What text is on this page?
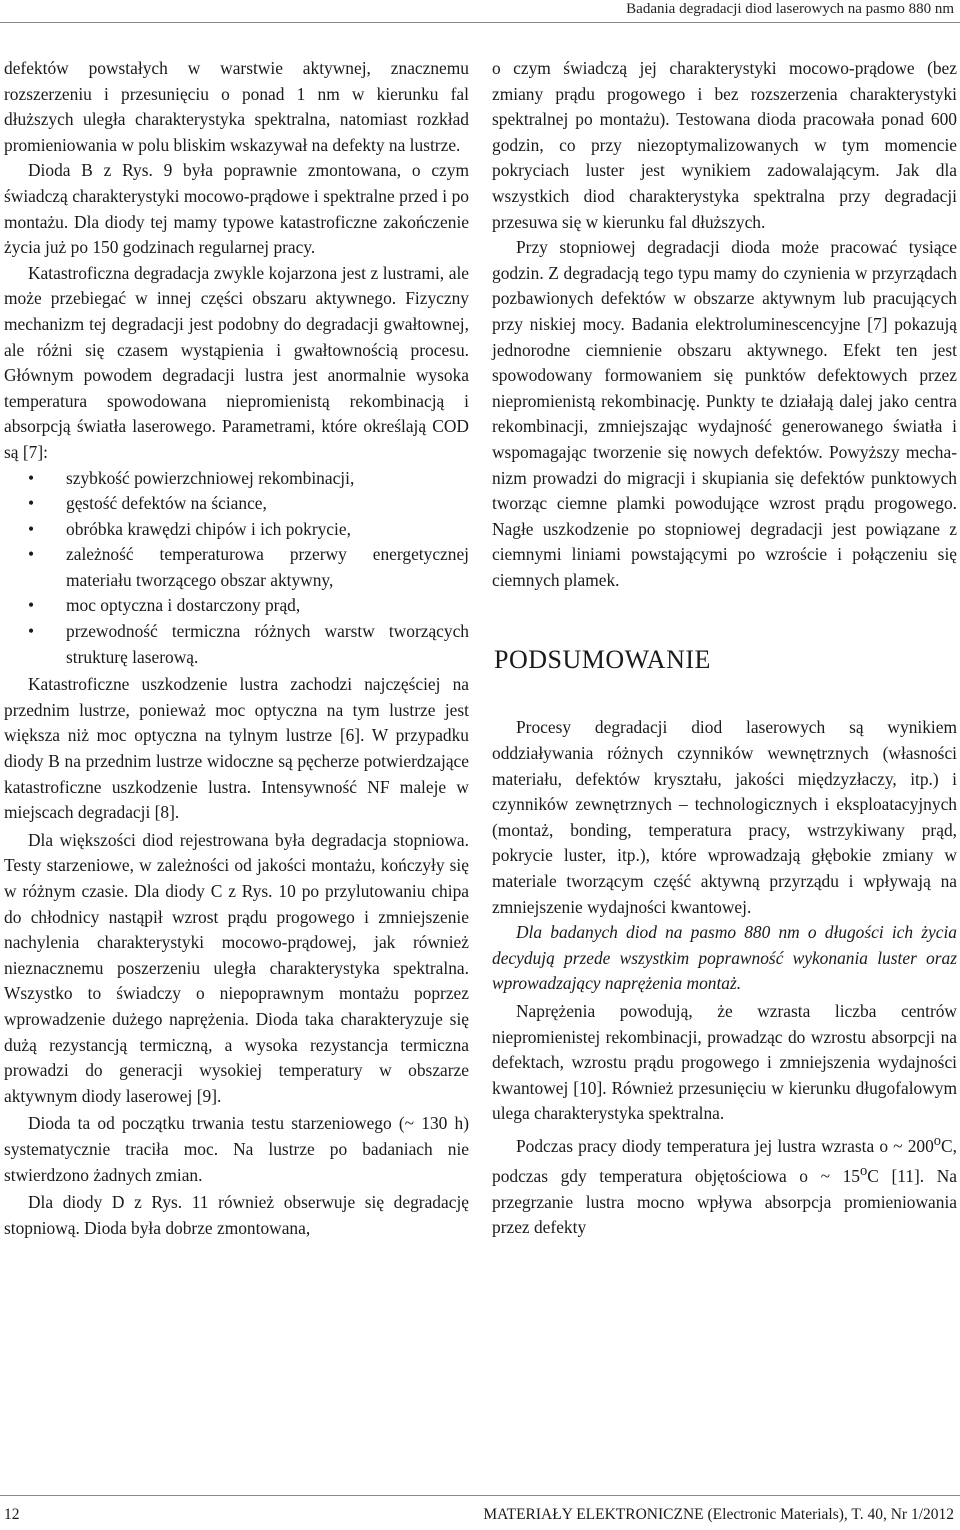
Badania degradacji diod laserowych na pasmo 880 nm

defektów powstałych w warstwie aktywnej, znacznemu rozszerzeniu i przesunięciu o ponad 1 nm w kierunku fal dłuższych uległa charakterystyka spektralna, natomiast rozkład promieniowania w polu bliskim wskazywał na defekty na lustrze.

Dioda B z Rys. 9 była poprawnie zmontowana, o czym świadczą charakterystyki mocowo-prądowe i spektralne przed i po montażu. Dla diody tej mamy typowe katastroficzne zakończenie życia już po 150 godzinach regularnej pracy.

Katastroficzna degradacja zwykle kojarzona jest z lustrami, ale może przebiegać w innej części obszaru aktywnego. Fizyczny mechanizm tej degradacji jest podobny do degradacji gwałtownej, ale różni się czasem wystąpienia i gwałtownością procesu. Głównym powodem degradacji lustra jest anormalnie wysoka temperatura spowodowana niepromienistą rekombinacją i absorpcją światła laserowego. Parametrami, które określają COD są [7]:

• szybkość powierzchniowej rekombinacji,
• gęstość defektów na ściance,
• obróbka krawędzi chipów i ich pokrycie,
• zależność temperaturowa przerwy energetycznej materiału tworzącego obszar aktywny,
• moc optyczna i dostarczony prąd,
• przewodność termiczna różnych warstw tworzących strukturę laserową.

Katastroficzne uszkodzenie lustra zachodzi najczęściej na przednim lustrze, ponieważ moc optyczna na tym lustrze jest większa niż moc optyczna na tylnym lustrze [6]. W przypadku diody B na przednim lustrze widoczne są pęcherze potwierdzające katastroficzne uszkodzenie lustra. Intensywność NF maleje w miejscach degradacji [8].

Dla większości diod rejestrowana była degradacja stopniowa. Testy starzeniowe, w zależności od jakości montażu, kończyły się w różnym czasie. Dla diody C z Rys. 10 po przylutowaniu chipa do chłodnicy nastąpił wzrost prądu progowego i zmniejszenie nachylenia charakterystyki mocowo-prądowej, jak również nieznacznemu poszerzeniu uległa charakterystyka spektralna. Wszystko to świadczy o niepoprawnym montażu poprzez wprowadzenie dużego naprężenia. Dioda taka charakteryzuje się dużą rezystancją termiczną, a wysoka rezystancja termiczna prowadzi do generacji wysokiej temperatury w obszarze aktywnym diody laserowej [9].

Dioda ta od początku trwania testu starzeniowego (~ 130 h) systematycznie traciła moc. Na lustrze po badaniach nie stwierdzono żadnych zmian.

Dla diody D z Rys. 11 również obserwuje się degradację stopniową. Dioda była dobrze zmontowana,

o czym świadczą jej charakterystyki mocowo-prądowe (bez zmiany prądu progowego i bez rozszerzenia charakterystyki spektralnej po montażu). Testowana dioda pracowała ponad 600 godzin, co przy niezoptymalizowanych w tym momencie pokryciach luster jest wynikiem zadowalającym. Jak dla wszystkich diod charakterystyka spektralna przy degradacji przesuwa się w kierunku fal dłuższych.

Przy stopniowej degradacji dioda może pracować tysiące godzin. Z degradacją tego typu mamy do czynienia w przyrządach pozbawionych defektów w obszarze aktywnym lub pracujących przy niskiej mocy. Badania elektroluminescencyjne [7] pokazują jednorodne ciemnienie obszaru aktywnego. Efekt ten jest spowodowany formowaniem się punktów defektowych przez niepromienistą rekombinację. Punkty te działają dalej jako centra rekombinacji, zmniejszając wydajność generowanego światła i wspomagając tworzenie się nowych defektów. Powyższy mechanizm prowadzi do migracji i skupiania się defektów punktowych tworząc ciemne plamki powodujące wzrost prądu progowego. Nagłe uszkodzenie po stopniowej degradacji jest powiązane z ciemnymi liniami powstającymi po wzroście i połączeniu się ciemnych plamek.

PODSUMOWANIE

Procesy degradacji diod laserowych są wynikiem oddziaływania różnych czynników wewnętrznych (własności materiału, defektów kryształu, jakości międzyzłaczy, itp.) i czynników zewnętrznych – technologicznych i eksploatacyjnych (montaż, bonding, temperatura pracy, wstrzykiwany prąd, pokrycie luster, itp.), które wprowadzają głębokie zmiany w materiale tworzącym część aktywną przyrządu i wpływają na zmniejszenie wydajności kwantowej.

Dla badanych diod na pasmo 880 nm o długości ich życia decydują przede wszystkim poprawność wykonania luster oraz wprowadzający naprężenia montaż.

Naprężenia powodują, że wzrasta liczba centrów niepromienistej rekombinacji, prowadząc do wzrostu absorpcji na defektach, wzrostu prądu progowego i zmniejszenia wydajności kwantowej [10]. Również przesunięciu w kierunku długofalowym ulega charakterystyka spektralna.

Podczas pracy diody temperatura jej lustra wzrasta o ~ 200$^o$C, podczas gdy temperatura objętościowa o ~ 15$^o$C [11]. Na przegrzanie lustra mocno wpływa absorpcja promieniowania przez defekty

12	MATERIAŁY ELEKTRONICZNE (Electronic Materials), T. 40, Nr 1/2012
